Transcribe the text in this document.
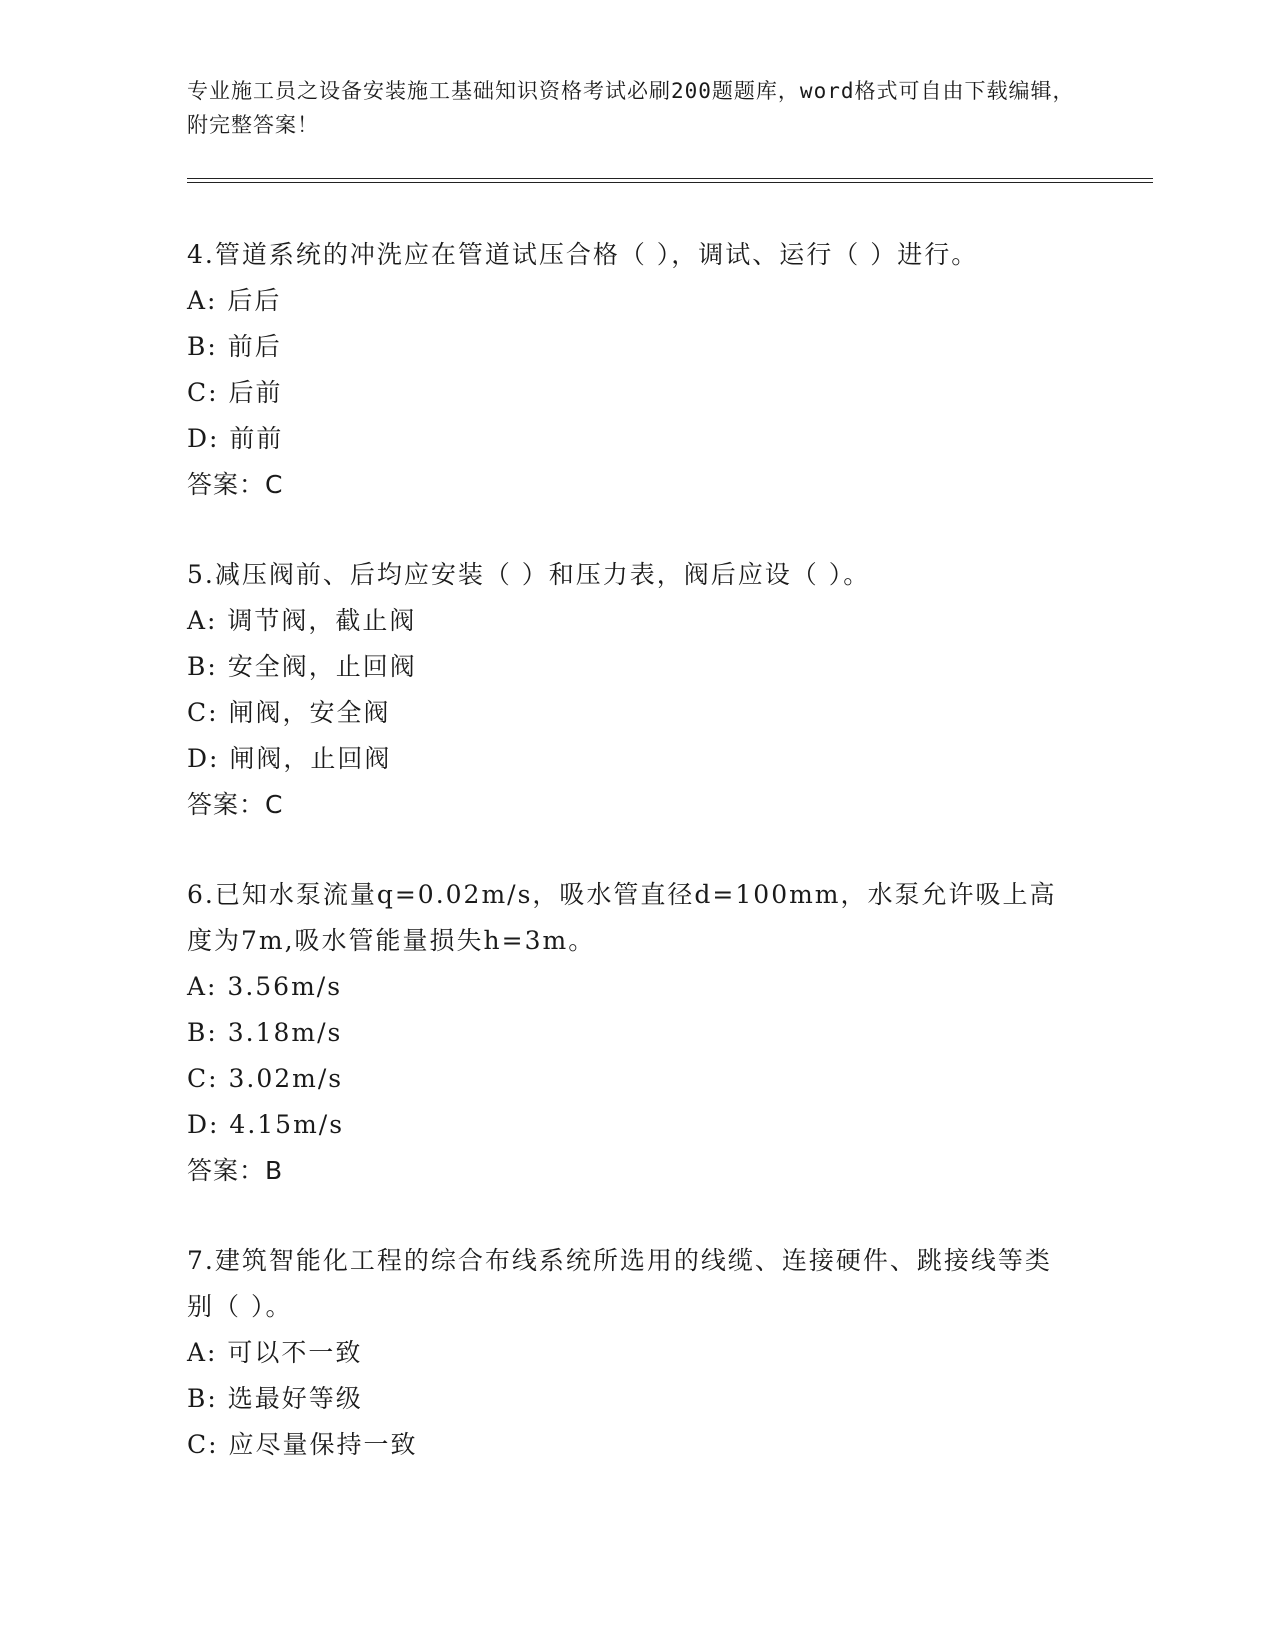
专业施工员之设备安装施工基础知识资格考试必刷200题题库，word格式可自由下载编辑，附完整答案！
4.管道系统的冲洗应在管道试压合格（ ），调试、运行（ ）进行。
A: 后后
B: 前后
C: 后前
D: 前前
答案：C
5.减压阀前、后均应安装（ ）和压力表，阀后应设（ ）。
A: 调节阀，截止阀
B: 安全阀，止回阀
C: 闸阀，安全阀
D: 闸阀，止回阀
答案：C
6.已知水泵流量q=0.02m/s，吸水管直径d=100mm，水泵允许吸上高度为7m,吸水管能量损失h=3m。
A: 3.56m/s
B: 3.18m/s
C: 3.02m/s
D: 4.15m/s
答案：B
7.建筑智能化工程的综合布线系统所选用的线缆、连接硬件、跳接线等类别（ ）。
A: 可以不一致
B: 选最好等级
C: 应尽量保持一致
